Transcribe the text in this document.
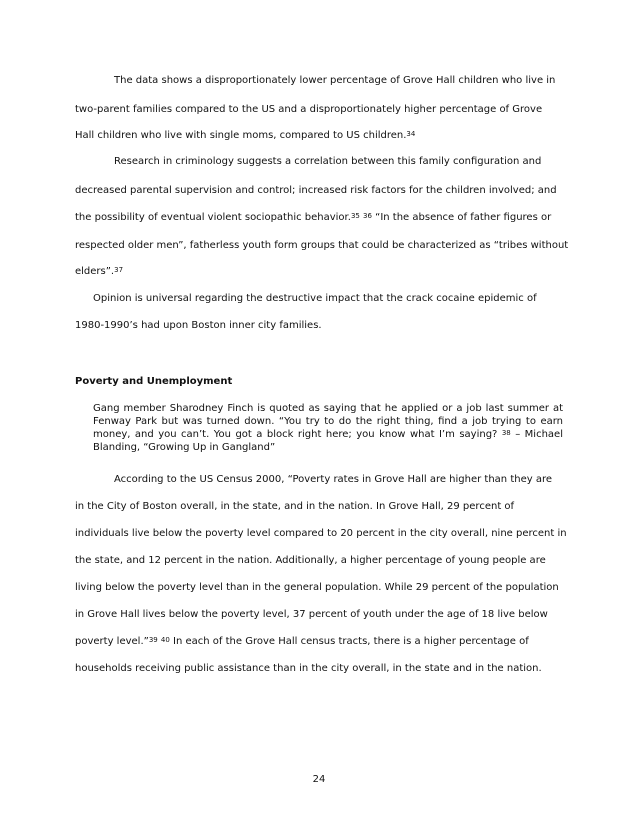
The data shows a disproportionately lower percentage of Grove Hall children who live in
two-parent families compared to the US and a disproportionately higher percentage of Grove
Hall children who live with single moms, compared to US children.$^{34}$
Research in criminology suggests a correlation between this family configuration and
decreased parental supervision and control; increased risk factors for the children involved; and
the possibility of eventual violent sociopathic behavior.$^{35}$ $^{36}$ “In the absence of father figures or
respected older men”, fatherless youth form groups that could be characterized as “tribes without
elders”.$^{37}$
Opinion is universal regarding the destructive impact that the crack cocaine epidemic of
1980-1990’s had upon Boston inner city families.
Poverty and Unemployment
Gang member Sharodney Finch is quoted as saying that he applied or a job last summer at Fenway Park but was turned down. “You try to do the right thing, find a job trying to earn money, and you can’t. You got a block right here; you know what I’m saying? $^{38}$ – Michael Blanding, “Growing Up in Gangland”
According to the US Census 2000, “Poverty rates in Grove Hall are higher than they are
in the City of Boston overall, in the state, and in the nation. In Grove Hall, 29 percent of
individuals live below the poverty level compared to 20 percent in the city overall, nine percent in
the state, and 12 percent in the nation. Additionally, a higher percentage of young people are
living below the poverty level than in the general population. While 29 percent of the population
in Grove Hall lives below the poverty level, 37 percent of youth under the age of 18 live below
poverty level.”$^{39}$ $^{40}$ In each of the Grove Hall census tracts, there is a higher percentage of
households receiving public assistance than in the city overall, in the state and in the nation.
24
